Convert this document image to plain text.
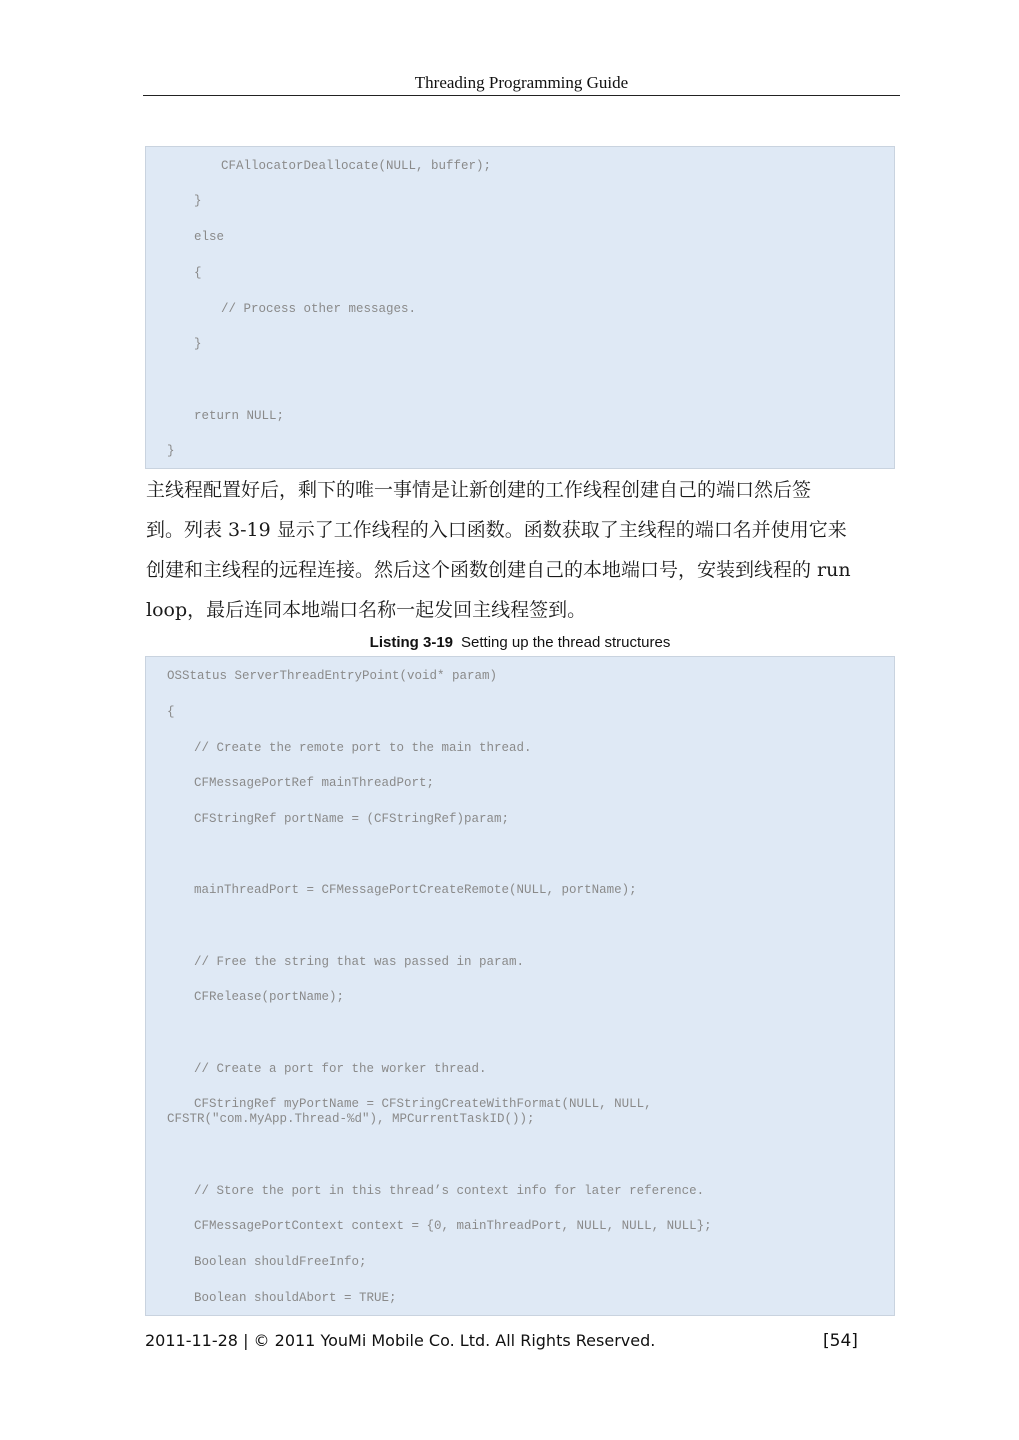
Threading Programming Guide
CFAllocatorDeallocate(NULL, buffer);
}
else
{
// Process other messages.
}
return NULL;
}
主线程配置好后，剩下的唯一事情是让新创建的工作线程创建自己的端口然后签
到。列表 3-19 显示了工作线程的入口函数。函数获取了主线程的端口名并使用它来
创建和主线程的远程连接。然后这个函数创建自己的本地端口号，安装到线程的 run
loop，最后连同本地端口名称一起发回主线程签到。
Listing 3-19 Setting up the thread structures
OSStatus ServerThreadEntryPoint(void* param)
{
// Create the remote port to the main thread.
CFMessagePortRef mainThreadPort;
CFStringRef portName = (CFStringRef)param;
mainThreadPort = CFMessagePortCreateRemote(NULL, portName);
// Free the string that was passed in param.
CFRelease(portName);
// Create a port for the worker thread.
CFStringRef myPortName = CFStringCreateWithFormat(NULL, NULL,
CFSTR("com.MyApp.Thread-%d"), MPCurrentTaskID());
// Store the port in this thread’s context info for later reference.
CFMessagePortContext context = {0, mainThreadPort, NULL, NULL, NULL};
Boolean shouldFreeInfo;
Boolean shouldAbort = TRUE;
2011-11-28 | © 2011 YouMi Mobile Co. Ltd. All Rights Reserved.	[54]
